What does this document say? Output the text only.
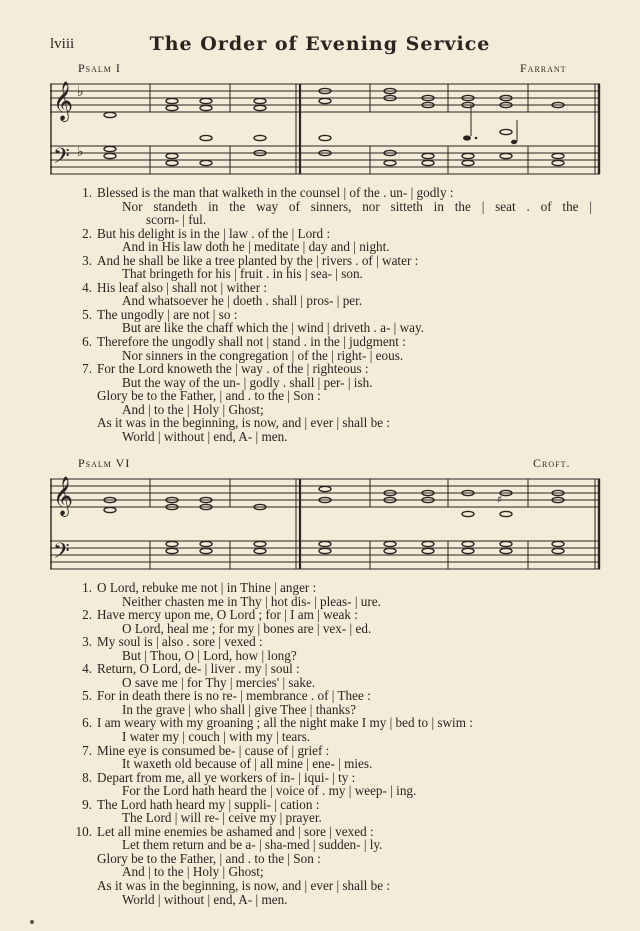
lviii	The Order of Evening Service
Psalm I	Farrant
𝄞
𝄢
♭
♭
1. Blessed is the man that walketh in the counsel | of the . un- | godly :
Nor standeth in the way of sinners, nor sitteth in the | seat . of the |
scorn- | ful.
2. But his delight is in the | law . of the | Lord :
And in His law doth he | meditate | day and | night.
3. And he shall be like a tree planted by the | rivers . of | water :
That bringeth for his | fruit . in his | sea- | son.
4. His leaf also | shall not | wither :
And whatsoever he | doeth . shall | pros- | per.
5. The ungodly | are not | so :
But are like the chaff which the | wind | driveth . a- | way.
6. Therefore the ungodly shall not | stand . in the | judgment :
Nor sinners in the congregation | of the | right- | eous.
7. For the Lord knoweth the | way . of the | righteous :
But the way of the un- | godly . shall | per- | ish.
Glory be to the Father, | and . to the | Son :
And | to the | Holy | Ghost;
As it was in the beginning, is now, and | ever | shall be :
World | without | end, A- | men.
Psalm VI	Croft.
𝄞
𝄢
♯
1. O Lord, rebuke me not | in Thine | anger :
Neither chasten me in Thy | hot dis- | pleas- | ure.
2. Have mercy upon me, O Lord ; for | I am | weak :
O Lord, heal me ; for my | bones are | vex- | ed.
3. My soul is | also . sore | vexed :
But | Thou, O | Lord, how | long?
4. Return, O Lord, de- | liver . my | soul :
O save me | for Thy | mercies' | sake.
5. For in death there is no re- | membrance . of | Thee :
In the grave | who shall | give Thee | thanks?
6. I am weary with my groaning ; all the night make I my | bed to | swim :
I water my | couch | with my | tears.
7. Mine eye is consumed be- | cause of | grief :
It waxeth old because of | all mine | ene- | mies.
8. Depart from me, all ye workers of in- | iqui- | ty :
For the Lord hath heard the | voice of . my | weep- | ing.
9. The Lord hath heard my | suppli- | cation :
The Lord | will re- | ceive my | prayer.
10. Let all mine enemies be ashamed and | sore | vexed :
Let them return and be a- | sha-med | sudden- | ly.
Glory be to the Father, | and . to the | Son :
And | to the | Holy | Ghost;
As it was in the beginning, is now, and | ever | shall be :
World | without | end, A- | men.
